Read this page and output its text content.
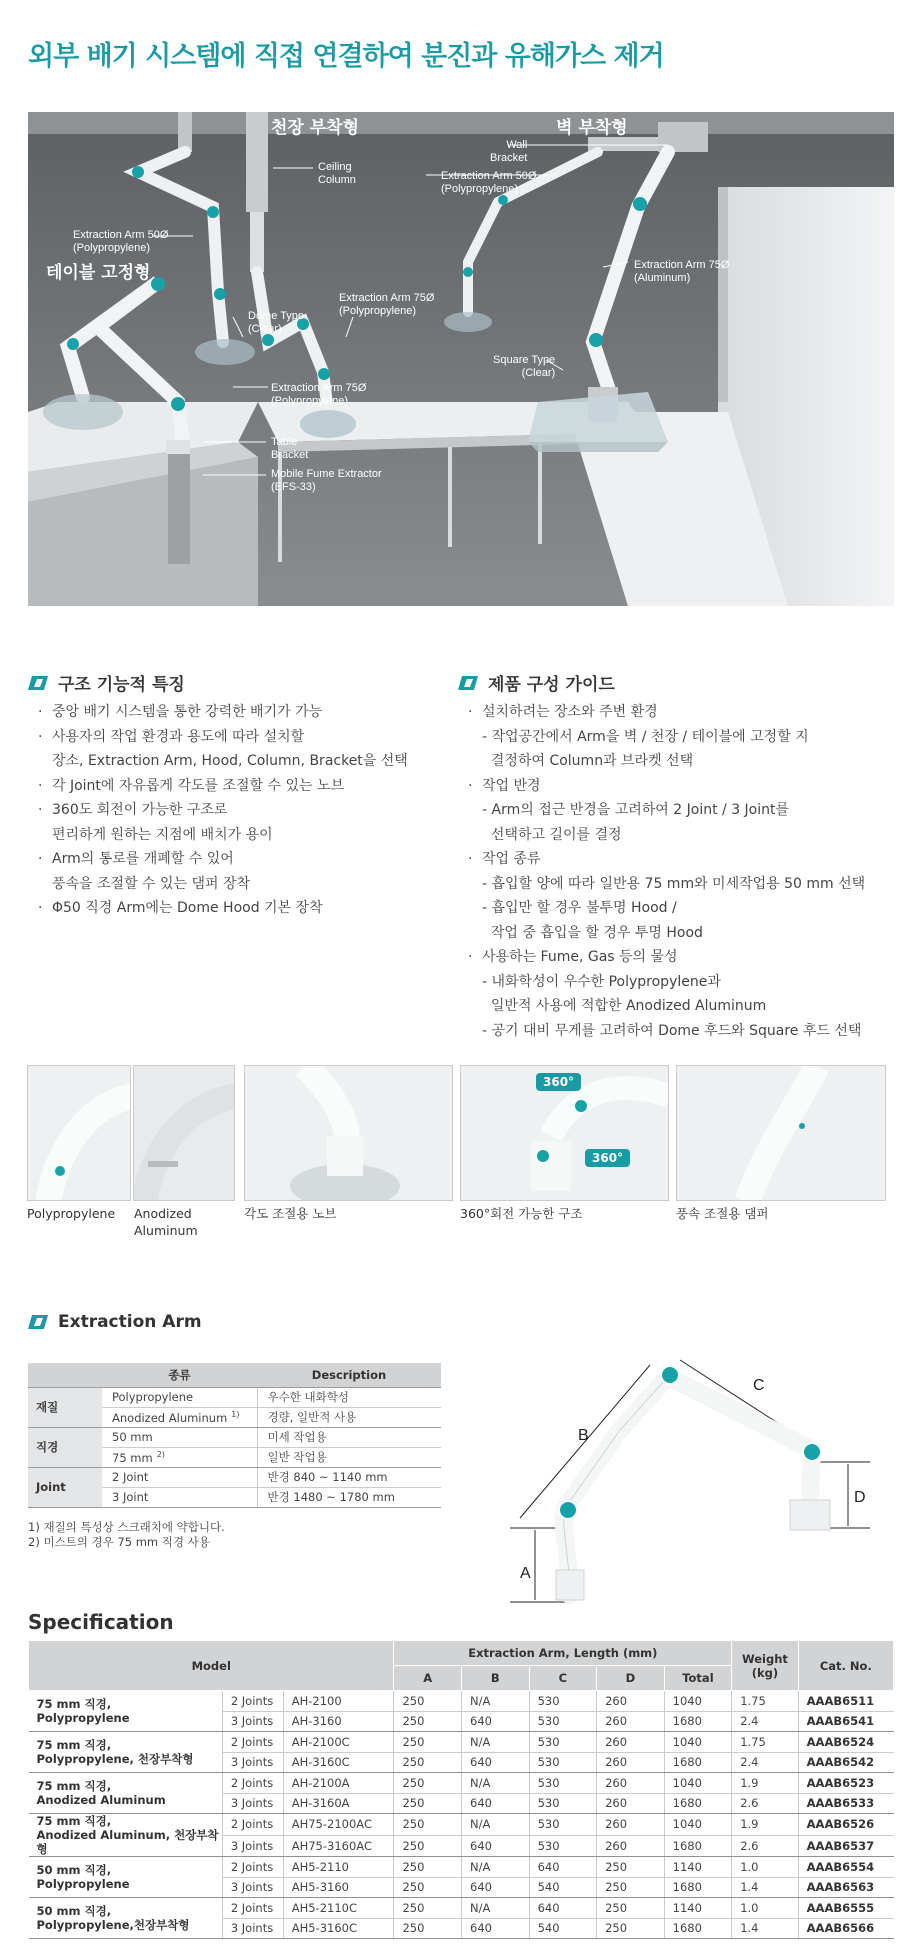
외부 배기 시스템에 직접 연결하여 분진과 유해가스 제거
천장 부착형	벽 부착형
테이블 고정형
Wall
Bracket
Ceiling
Column	Extraction Arm 50Ø
(Polypropylene)
Extraction Arm 50Ø
(Polypropylene)
Extraction Arm 75Ø
(Aluminum)
Extraction Arm 75Ø
(Polypropylene)
Dome Type
(Clear)
Square Type
(Clear)
Extraction Arm 75Ø
(Polypropylene)
Table
Bracket
Mobile Fume Extractor
(EFS-33)
구조 기능적 특징	제품 구성 가이드
· 중앙 배기 시스템을 통한 강력한 배기가 가능
· 사용자의 작업 환경과 용도에 따라 설치할
장소, Extraction Arm, Hood, Column, Bracket을 선택
· 각 Joint에 자유롭게 각도를 조절할 수 있는 노브
· 360도 회전이 가능한 구조로
편리하게 원하는 지점에 배치가 용이
· Arm의 통로를 개폐할 수 있어
풍속을 조절할 수 있는 댐퍼 장착
· Φ50 직경 Arm에는 Dome Hood 기본 장착
· 설치하려는 장소와 주변 환경
- 작업공간에서 Arm을 벽 / 천장 / 테이블에 고정할 지
결정하여 Column과 브라켓 선택
· 작업 반경
- Arm의 접근 반경을 고려하여 2 Joint / 3 Joint를
선택하고 길이를 결정
· 작업 종류
- 흡입할 양에 따라 일반용 75 mm와 미세작업용 50 mm 선택
- 흡입만 할 경우 불투명 Hood /
작업 중 흡입을 할 경우 투명 Hood
· 사용하는 Fume, Gas 등의 물성
- 내화학성이 우수한 Polypropylene과
일반적 사용에 적합한 Anodized Aluminum
- 공기 대비 무게를 고려하여 Dome 후드와 Square 후드 선택
360°
360°
Polypropylene Anodized
Aluminum
각도 조절용 노브	360°회전 가능한 구조	풍속 조절용 댐퍼
Extraction Arm
	종류	Description
재질	Polypropylene	우수한 내화학성
	Anodized Aluminum $^{1)}$	경량, 일반적 사용
직경	50 mm	미세 작업용
	75 mm $^{2)}$	일반 작업용
Joint	2 Joint	반경 840 ~ 1140 mm
	3 Joint	반경 1480 ~ 1780 mm
1) 재질의 특성상 스크래치에 약합니다.
2) 미스트의 경우 75 mm 직경 사용
A
B
C
D
Specification
Model			Extraction Arm, Length (mm)					Weight
(kg)	Cat. No.
			A	B	C	D	Total		

75 mm 직경,
Polypropylene	2 Joints	AH-2100	250	N/A	530	260	1040	1.75	AAAB6511
	3 Joints	AH-3160	250	640	530	260	1680	2.4	AAAB6541

75 mm 직경,
Polypropylene, 천장부착형	2 Joints	AH-2100C	250	N/A	530	260	1040	1.75	AAAB6524
	3 Joints	AH-3160C	250	640	530	260	1680	2.4	AAAB6542

75 mm 직경,
Anodized Aluminum	2 Joints	AH-2100A	250	N/A	530	260	1040	1.9	AAAB6523
	3 Joints	AH-3160A	250	640	530	260	1680	2.6	AAAB6533

75 mm 직경,
Anodized Aluminum, 천장부착형	2 Joints	AH75-2100AC	250	N/A	530	260	1040	1.9	AAAB6526
	3 Joints	AH75-3160AC	250	640	530	260	1680	2.6	AAAB6537

50 mm 직경,
Polypropylene	2 Joints	AH5-2110	250	N/A	640	250	1140	1.0	AAAB6554
	3 Joints	AH5-3160	250	640	540	250	1680	1.4	AAAB6563

50 mm 직경,
Polypropylene,천장부착형	2 Joints	AH5-2110C	250	N/A	640	250	1140	1.0	AAAB6555
	3 Joints	AH5-3160C	250	640	540	250	1680	1.4	AAAB6566
